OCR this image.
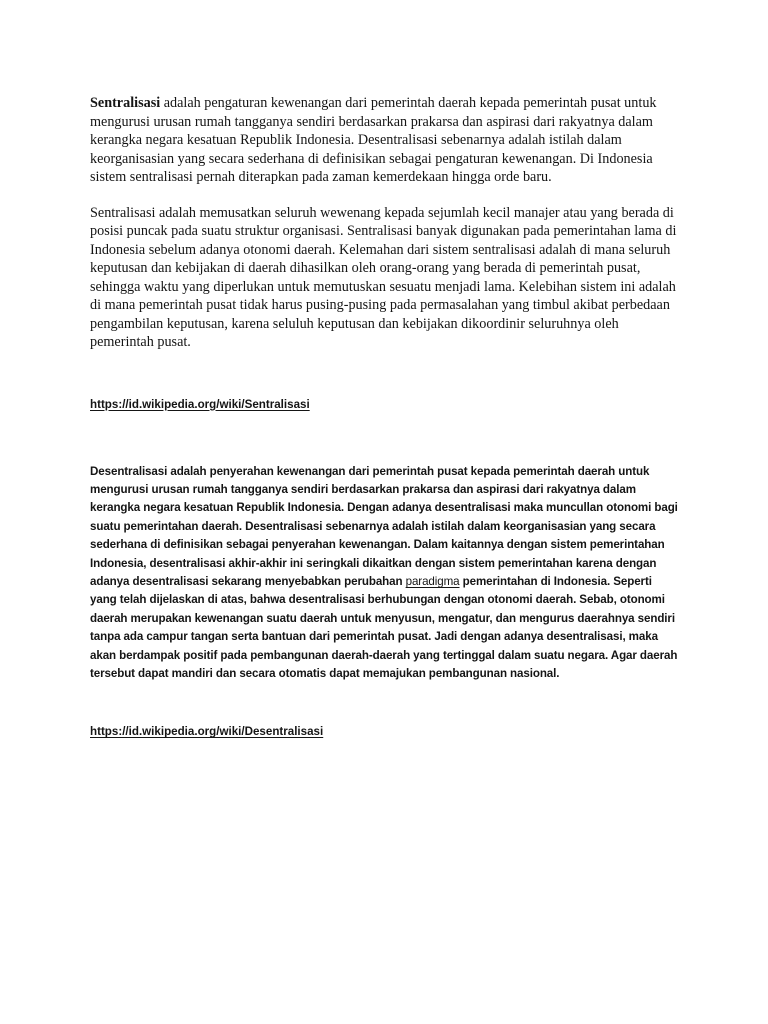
Sentralisasi adalah pengaturan kewenangan dari pemerintah daerah kepada pemerintah pusat untuk mengurusi urusan rumah tangganya sendiri berdasarkan prakarsa dan aspirasi dari rakyatnya dalam kerangka negara kesatuan Republik Indonesia. Desentralisasi sebenarnya adalah istilah dalam keorganisasian yang secara sederhana di definisikan sebagai pengaturan kewenangan. Di Indonesia sistem sentralisasi pernah diterapkan pada zaman kemerdekaan hingga orde baru.

Sentralisasi adalah memusatkan seluruh wewenang kepada sejumlah kecil manajer atau yang berada di posisi puncak pada suatu struktur organisasi. Sentralisasi banyak digunakan pada pemerintahan lama di Indonesia sebelum adanya otonomi daerah. Kelemahan dari sistem sentralisasi adalah di mana seluruh keputusan dan kebijakan di daerah dihasilkan oleh orang-orang yang berada di pemerintah pusat, sehingga waktu yang diperlukan untuk memutuskan sesuatu menjadi lama. Kelebihan sistem ini adalah di mana pemerintah pusat tidak harus pusing-pusing pada permasalahan yang timbul akibat perbedaan pengambilan keputusan, karena seluluh keputusan dan kebijakan dikoordinir seluruhnya oleh pemerintah pusat.

https://id.wikipedia.org/wiki/Sentralisasi

Desentralisasi adalah penyerahan kewenangan dari pemerintah pusat kepada pemerintah daerah untuk mengurusi urusan rumah tangganya sendiri berdasarkan prakarsa dan aspirasi dari rakyatnya dalam kerangka negara kesatuan Republik Indonesia. Dengan adanya desentralisasi maka muncullan otonomi bagi suatu pemerintahan daerah. Desentralisasi sebenarnya adalah istilah dalam keorganisasian yang secara sederhana di definisikan sebagai penyerahan kewenangan. Dalam kaitannya dengan sistem pemerintahan Indonesia, desentralisasi akhir-akhir ini seringkali dikaitkan dengan sistem pemerintahan karena dengan adanya desentralisasi sekarang menyebabkan perubahan paradigma pemerintahan di Indonesia. Seperti yang telah dijelaskan di atas, bahwa desentralisasi berhubungan dengan otonomi daerah. Sebab, otonomi daerah merupakan kewenangan suatu daerah untuk menyusun, mengatur, dan mengurus daerahnya sendiri tanpa ada campur tangan serta bantuan dari pemerintah pusat. Jadi dengan adanya desentralisasi, maka akan berdampak positif pada pembangunan daerah-daerah yang tertinggal dalam suatu negara. Agar daerah tersebut dapat mandiri dan secara otomatis dapat memajukan pembangunan nasional.

https://id.wikipedia.org/wiki/Desentralisasi
